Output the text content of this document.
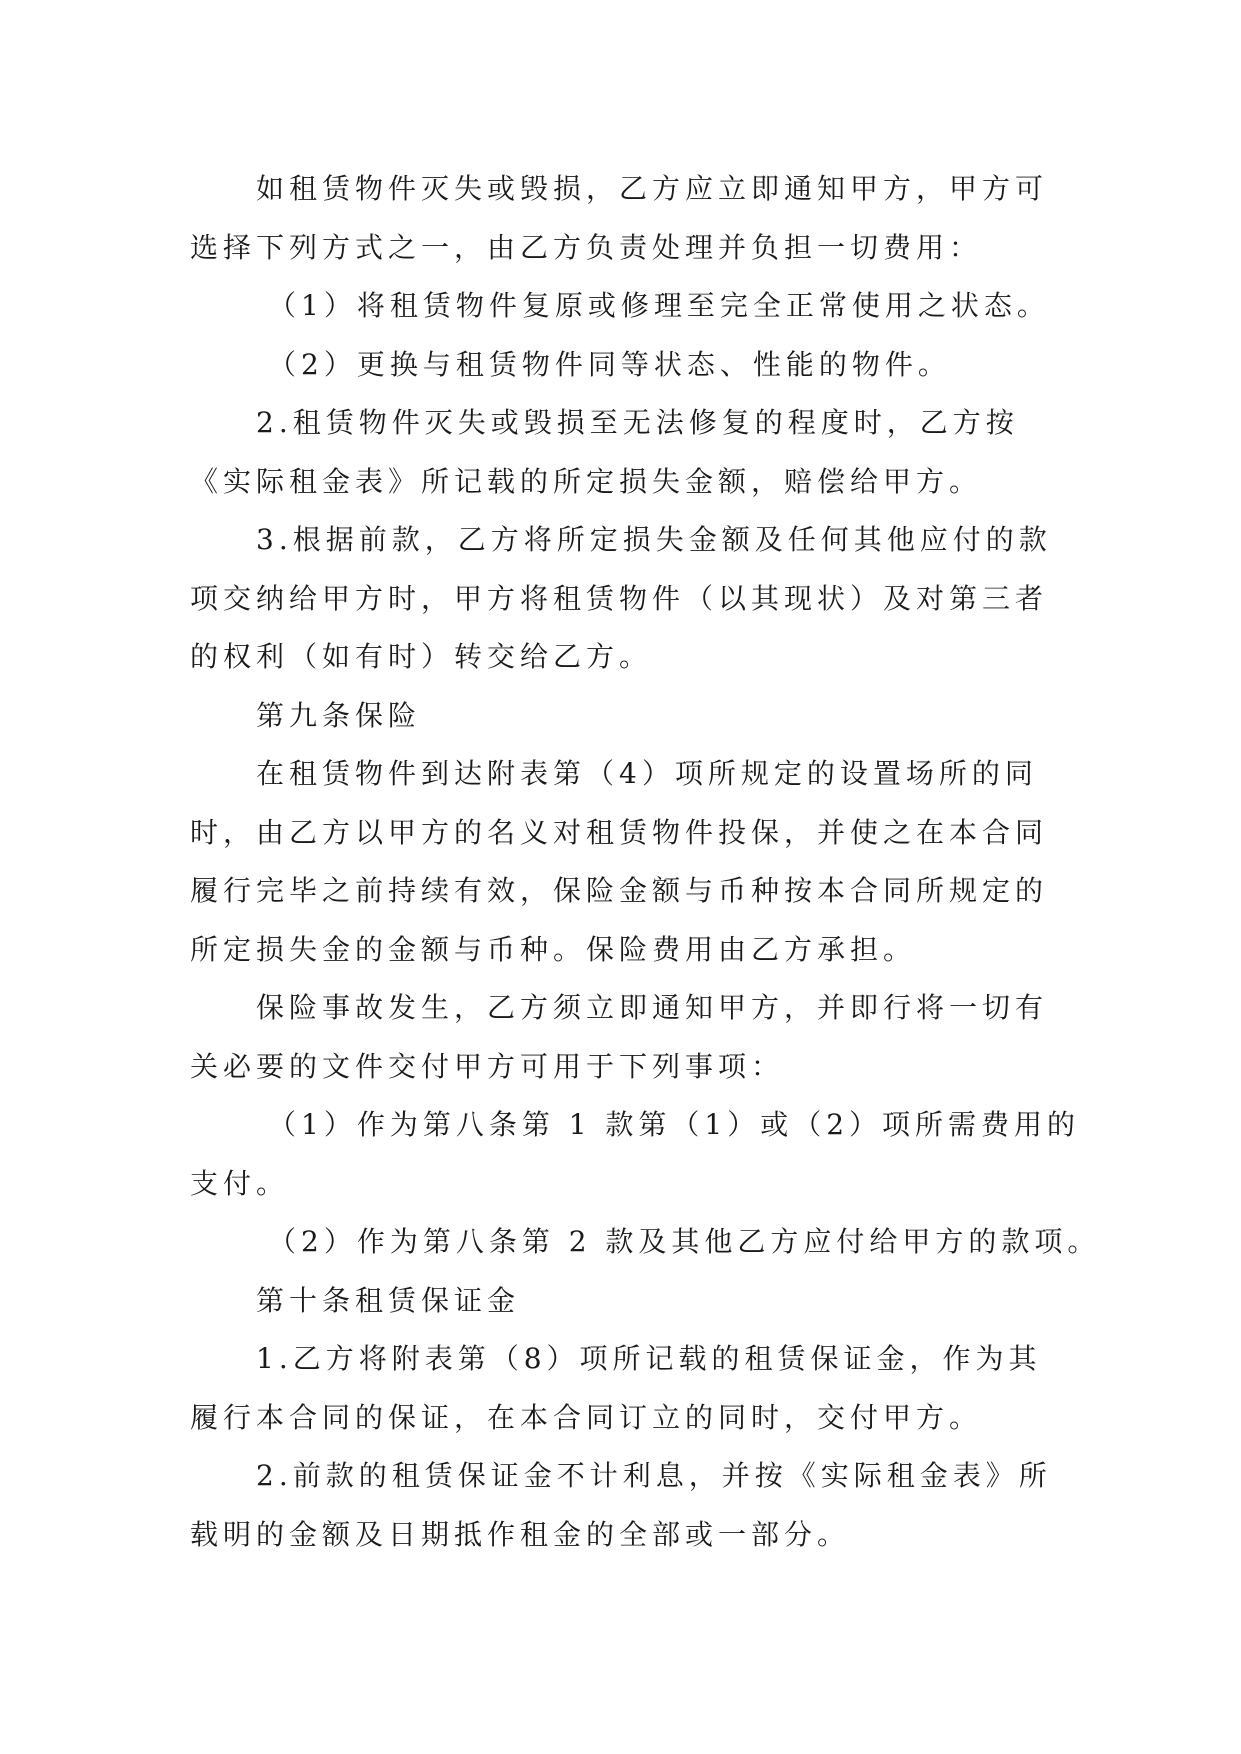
如租赁物件灭失或毁损，乙方应立即通知甲方，甲方可
选择下列方式之一，由乙方负责处理并负担一切费用：
（1）将租赁物件复原或修理至完全正常使用之状态。
（2）更换与租赁物件同等状态、性能的物件。
2.租赁物件灭失或毁损至无法修复的程度时，乙方按
《实际租金表》所记载的所定损失金额，赔偿给甲方。
3.根据前款，乙方将所定损失金额及任何其他应付的款
项交纳给甲方时，甲方将租赁物件（以其现状）及对第三者
的权利（如有时）转交给乙方。
第九条保险
在租赁物件到达附表第（4）项所规定的设置场所的同
时，由乙方以甲方的名义对租赁物件投保，并使之在本合同
履行完毕之前持续有效，保险金额与币种按本合同所规定的
所定损失金的金额与币种。保险费用由乙方承担。
保险事故发生，乙方须立即通知甲方，并即行将一切有
关必要的文件交付甲方可用于下列事项：
（1）作为第八条第 1 款第（1）或（2）项所需费用的
支付。
（2）作为第八条第 2 款及其他乙方应付给甲方的款项。
第十条租赁保证金
1.乙方将附表第（8）项所记载的租赁保证金，作为其
履行本合同的保证，在本合同订立的同时，交付甲方。
2.前款的租赁保证金不计利息，并按《实际租金表》所
载明的金额及日期抵作租金的全部或一部分。
